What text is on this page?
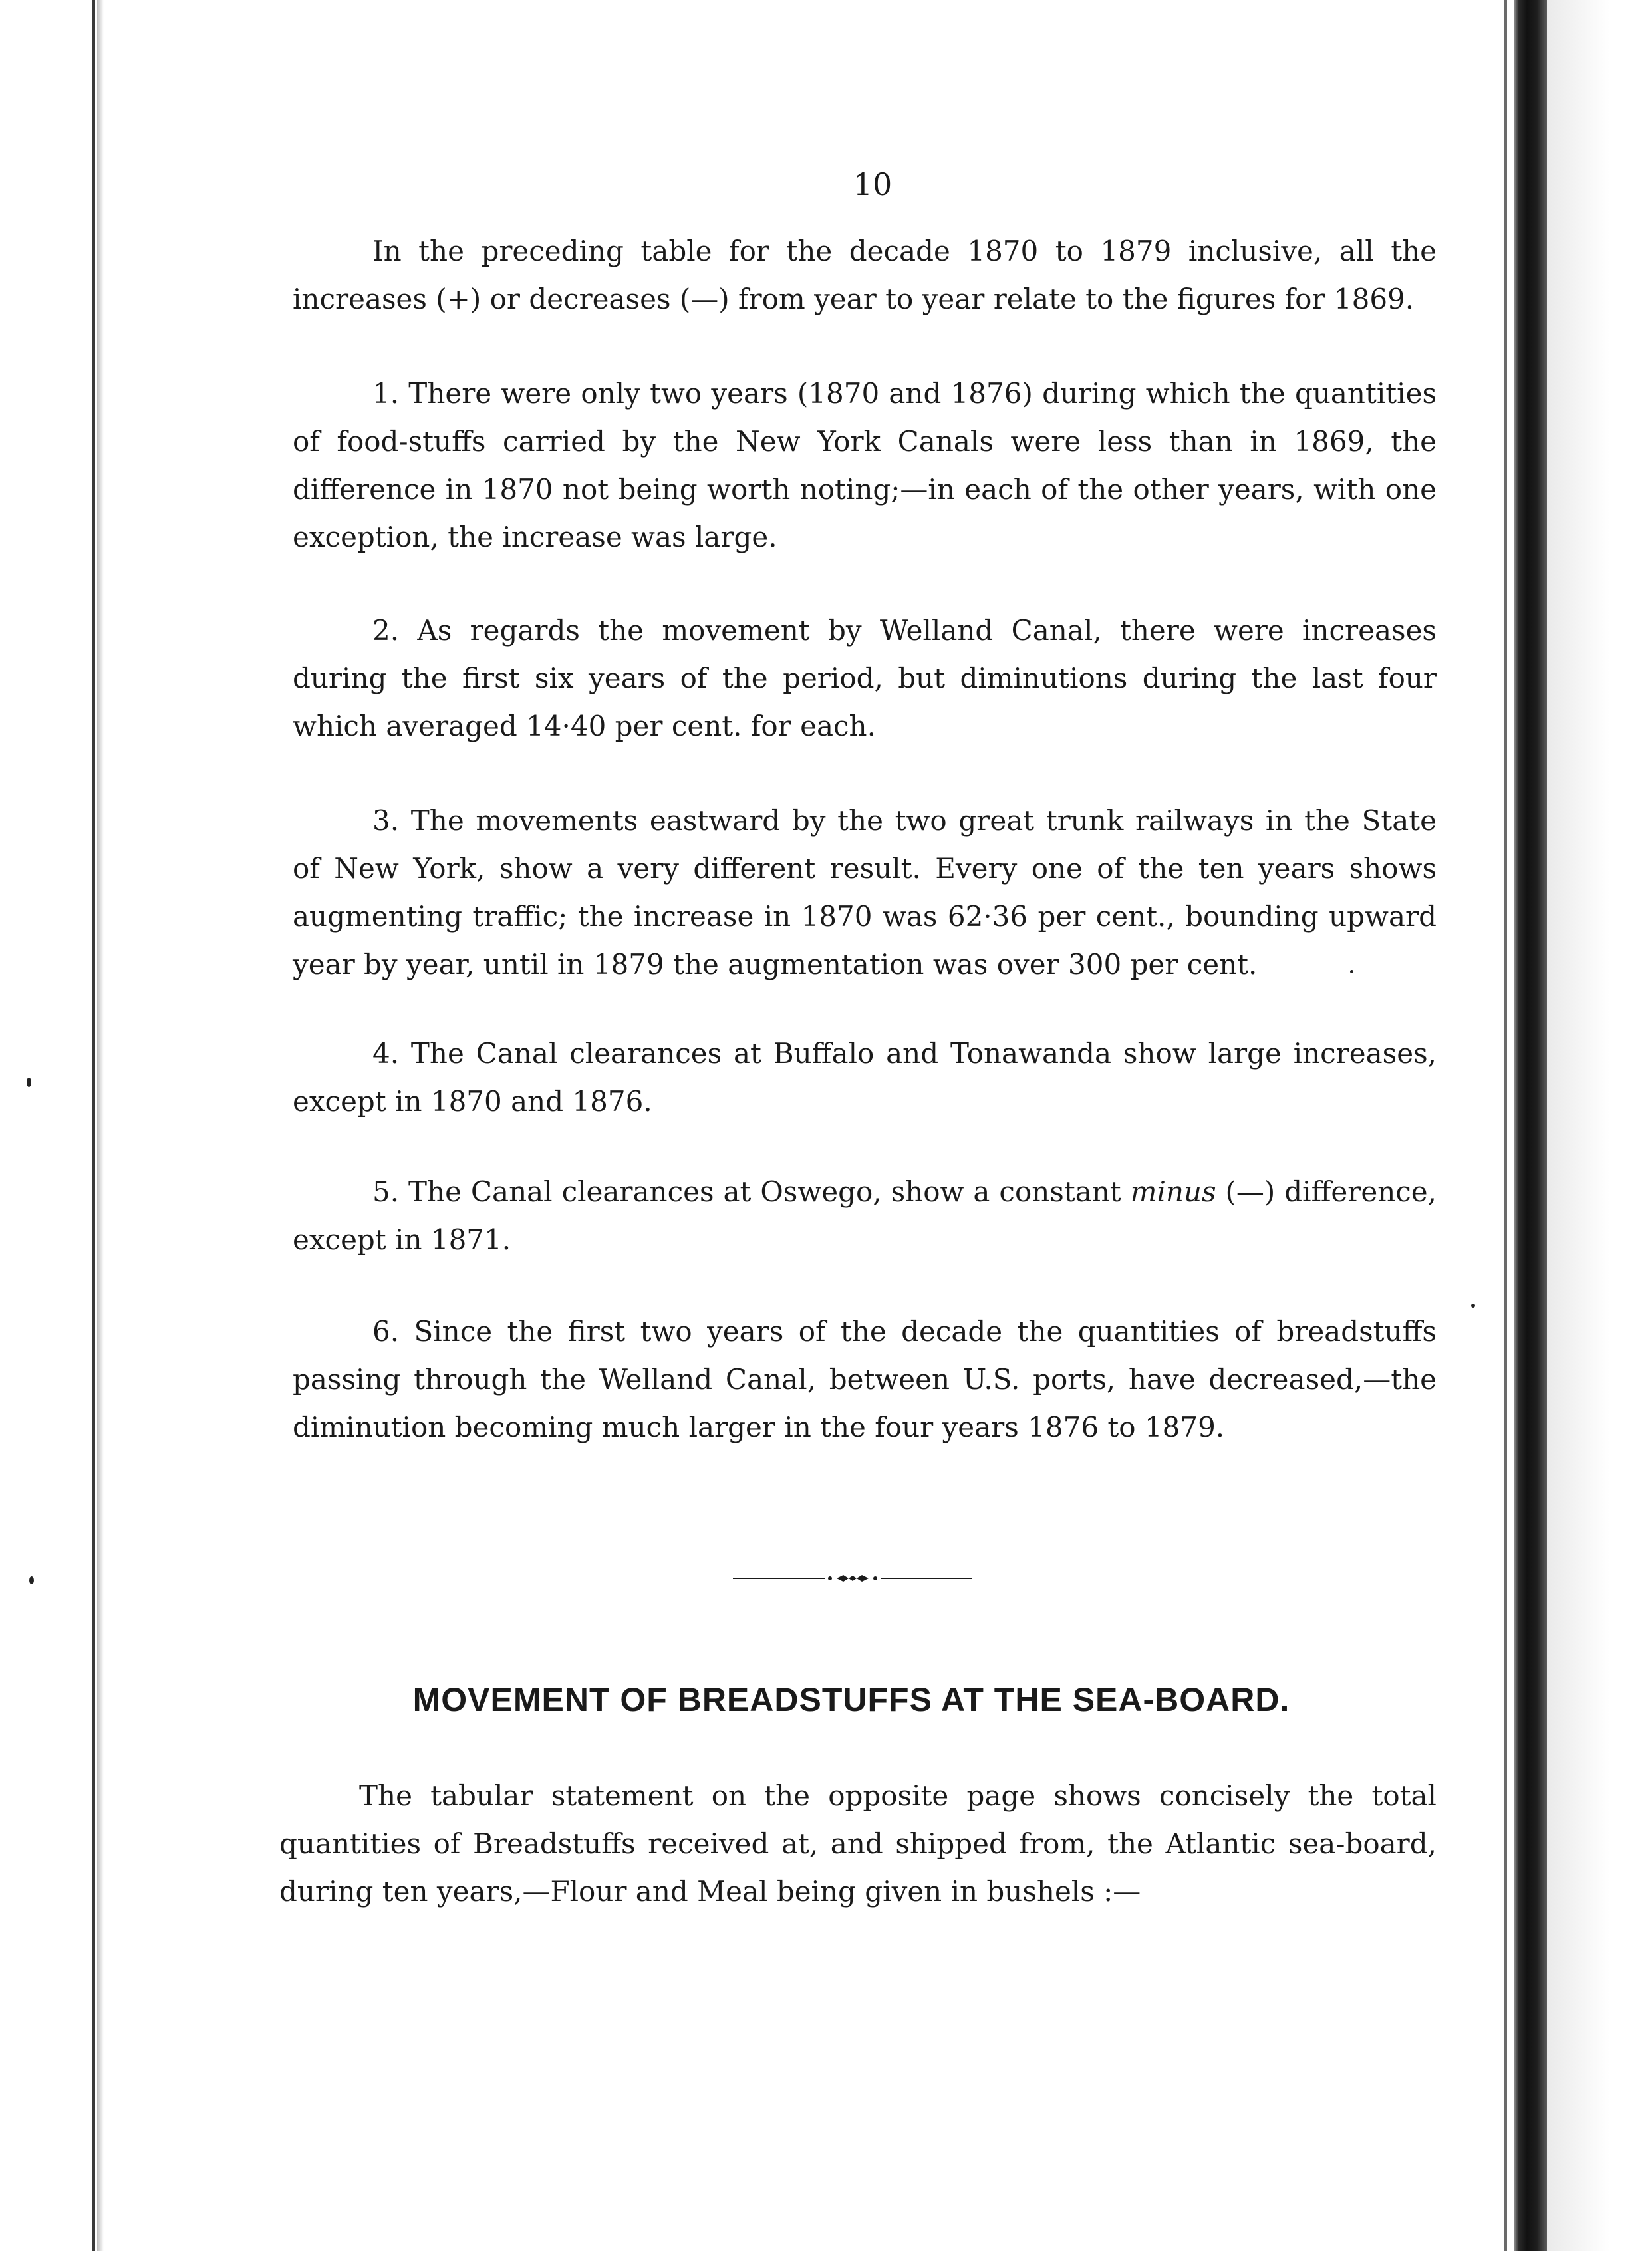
10
In the preceding table for the decade 1870 to 1879 inclusive, all the increases (+) or decreases (—) from year to year relate to the figures for 1869.
1. There were only two years (1870 and 1876) during which the quantities of food-stuffs carried by the New York Canals were less than in 1869, the difference in 1870 not being worth noting;—in each of the other years, with one exception, the increase was large.
2. As regards the movement by Welland Canal, there were increases during the first six years of the period, but diminutions during the last four which averaged 14·40 per cent. for each.
3. The movements eastward by the two great trunk railways in the State of New York, show a very different result. Every one of the ten years shows augmenting traffic; the increase in 1870 was 62·36 per cent., bounding upward year by year, until in 1879 the augmentation was over 300 per cent.
4. The Canal clearances at Buffalo and Tonawanda show large increases, except in 1870 and 1876.
5. The Canal clearances at Oswego, show a constant minus (—) difference, except in 1871.
6. Since the first two years of the decade the quantities of breadstuffs passing through the Welland Canal, between U.S. ports, have decreased,—the diminution becoming much larger in the four years 1876 to 1879.
MOVEMENT OF BREADSTUFFS AT THE SEA-BOARD.
The tabular statement on the opposite page shows concisely the total quantities of Breadstuffs received at, and shipped from, the Atlantic sea-board, during ten years,—Flour and Meal being given in bushels :—
